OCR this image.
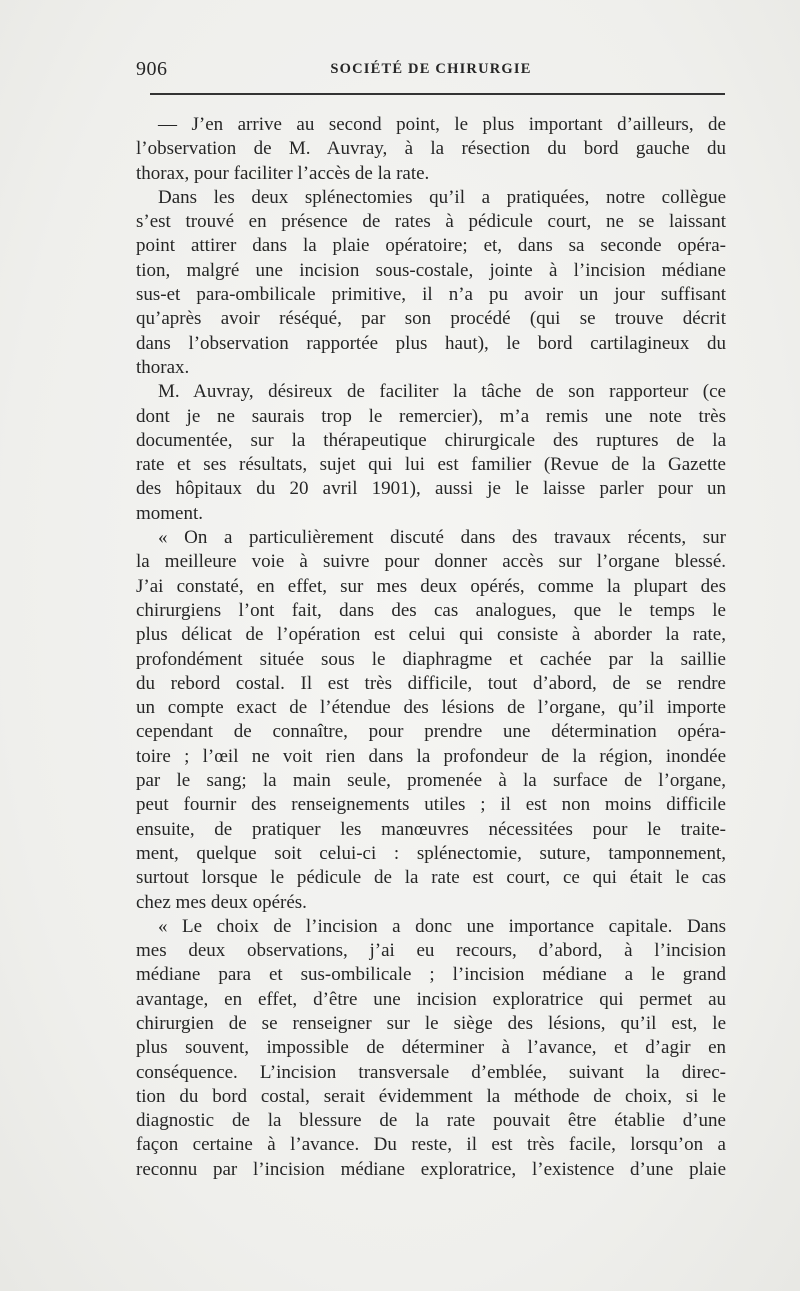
906	SOCIÉTÉ DE CHIRURGIE
— J’en arrive au second point, le plus important d’ailleurs, de
l’observation de M. Auvray, à la résection du bord gauche du
thorax, pour faciliter l’accès de la rate.
Dans les deux splénectomies qu’il a pratiquées, notre collègue
s’est trouvé en présence de rates à pédicule court, ne se laissant
point attirer dans la plaie opératoire; et, dans sa seconde opéra-
tion, malgré une incision sous-costale, jointe à l’incision médiane
sus-et para-ombilicale primitive, il n’a pu avoir un jour suffisant
qu’après avoir réséqué, par son procédé (qui se trouve décrit
dans l’observation rapportée plus haut), le bord cartilagineux du
thorax.
M. Auvray, désireux de faciliter la tâche de son rapporteur (ce
dont je ne saurais trop le remercier), m’a remis une note très
documentée, sur la thérapeutique chirurgicale des ruptures de la
rate et ses résultats, sujet qui lui est familier (Revue de la Gazette
des hôpitaux du 20 avril 1901), aussi je le laisse parler pour un
moment.
« On a particulièrement discuté dans des travaux récents, sur
la meilleure voie à suivre pour donner accès sur l’organe blessé.
J’ai constaté, en effet, sur mes deux opérés, comme la plupart des
chirurgiens l’ont fait, dans des cas analogues, que le temps le
plus délicat de l’opération est celui qui consiste à aborder la rate,
profondément située sous le diaphragme et cachée par la saillie
du rebord costal. Il est très difficile, tout d’abord, de se rendre
un compte exact de l’étendue des lésions de l’organe, qu’il importe
cependant de connaître, pour prendre une détermination opéra-
toire ; l’œil ne voit rien dans la profondeur de la région, inondée
par le sang; la main seule, promenée à la surface de l’organe,
peut fournir des renseignements utiles ; il est non moins difficile
ensuite, de pratiquer les manœuvres nécessitées pour le traite-
ment, quelque soit celui-ci : splénectomie, suture, tamponnement,
surtout lorsque le pédicule de la rate est court, ce qui était le cas
chez mes deux opérés.
« Le choix de l’incision a donc une importance capitale. Dans
mes deux observations, j’ai eu recours, d’abord, à l’incision
médiane para et sus-ombilicale ; l’incision médiane a le grand
avantage, en effet, d’être une incision exploratrice qui permet au
chirurgien de se renseigner sur le siège des lésions, qu’il est, le
plus souvent, impossible de déterminer à l’avance, et d’agir en
conséquence. L’incision transversale d’emblée, suivant la direc-
tion du bord costal, serait évidemment la méthode de choix, si le
diagnostic de la blessure de la rate pouvait être établie d’une
façon certaine à l’avance. Du reste, il est très facile, lorsqu’on a
reconnu par l’incision médiane exploratrice, l’existence d’une plaie
